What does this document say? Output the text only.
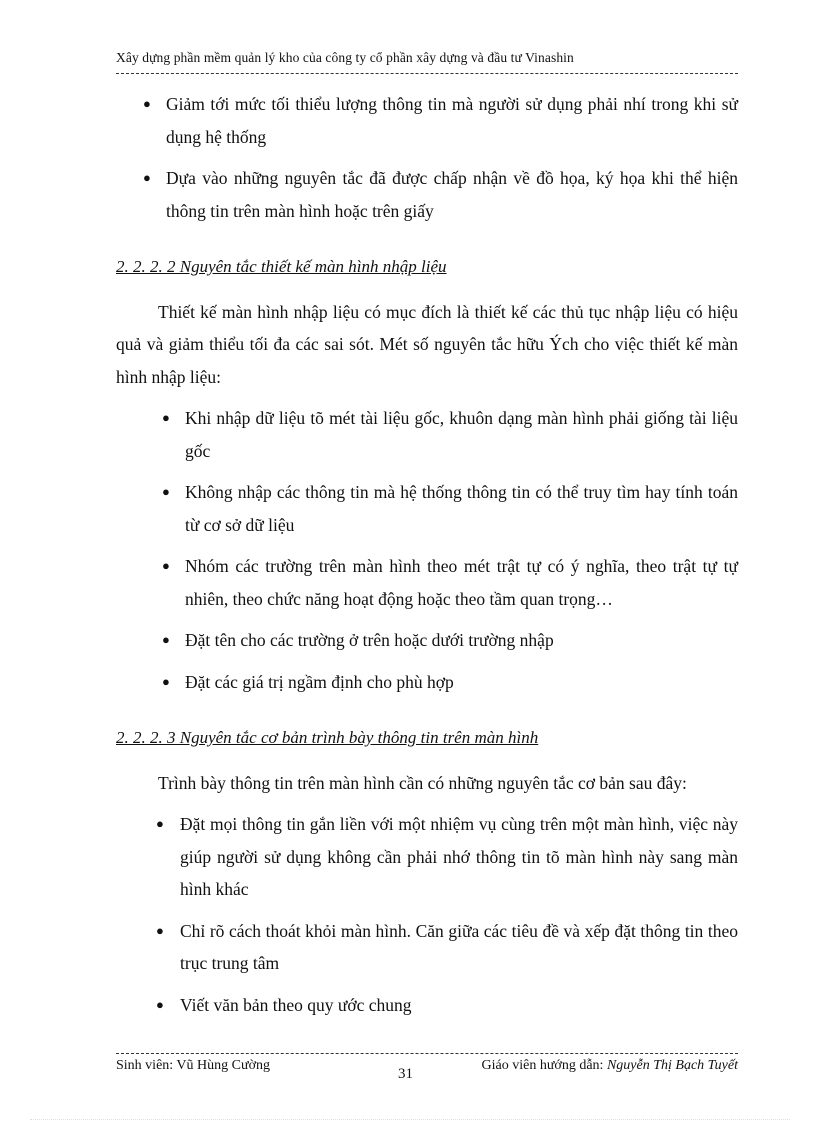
Xây dựng phần mềm quản lý kho của công ty cổ phần xây dựng và đầu tư Vinashin
● Giảm tới mức tối thiểu lượng thông tin mà người sử dụng phải nhí trong khi sử dụng hệ thống
● Dựa vào những nguyên tắc đã được chấp nhận về đồ họa, ký họa khi thể hiện thông tin trên màn hình hoặc trên giấy
2. 2. 2. 2 Nguyên tắc thiết kế màn hình nhập liệu

Thiết kế màn hình nhập liệu có mục đích là thiết kế các thủ tục nhập liệu có hiệu quả và giảm thiểu tối đa các sai sót. Mét số nguyên tắc hữu Ých cho việc thiết kế màn hình nhập liệu:

● Khi nhập dữ liệu tõ mét tài liệu gốc, khuôn dạng màn hình phải giống tài liệu gốc
● Không nhập các thông tin mà hệ thống thông tin có thể truy tìm hay tính toán từ cơ sở dữ liệu
● Nhóm các trường trên màn hình theo mét trật tự có ý nghĩa, theo trật tự tự nhiên, theo chức năng hoạt động hoặc theo tầm quan trọng…
● Đặt tên cho các trường ở trên hoặc dưới trường nhập
● Đặt các giá trị ngầm định cho phù hợp
2. 2. 2. 3 Nguyên tắc cơ bản trình bày thông tin trên màn hình

Trình bày thông tin trên màn hình cần có những nguyên tắc cơ bản sau đây:

● Đặt mọi thông tin gắn liền với một nhiệm vụ cùng trên một màn hình, việc này giúp người sử dụng không cần phải nhớ thông tin tõ màn hình này sang màn hình khác
● Chỉ rõ cách thoát khỏi màn hình. Căn giữa các tiêu đề và xếp đặt thông tin theo trục trung tâm
● Viết văn bản theo quy ước chung
Sinh viên: Vũ Hùng Cường
31
Giáo viên hướng dẫn: Nguyễn Thị Bạch Tuyết
